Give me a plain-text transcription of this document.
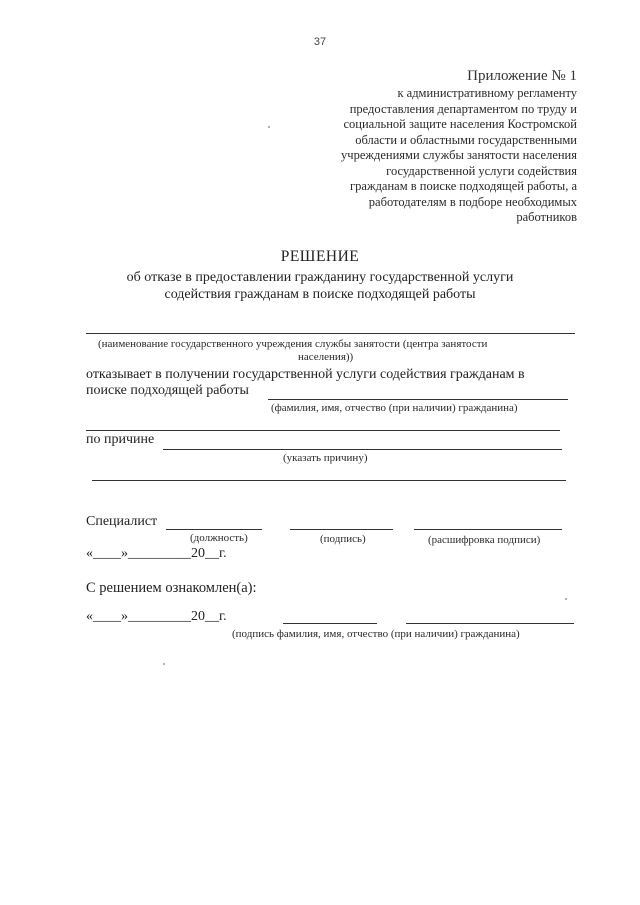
37
Приложение № 1
к административному регламенту
предоставления департаментом по труду и
социальной защите населения Костромской
области и областными государственными
учреждениями службы занятости населения
государственной услуги содействия
гражданам в поиске подходящей работы, а
работодателям в подборе необходимых
работников
РЕШЕНИЕ
об отказе в предоставлении гражданину государственной услуги
содействия гражданам в поиске подходящей работы
(наименование государственного учреждения службы занятости (центра занятости
населения))
отказывает в получении государственной услуги содействия гражданам в
поиске подходящей работы
(фамилия, имя, отчество (при наличии) гражданина)
по причине
(указать причину)
Специалист
(должность)	(подпись)	(расшифровка подписи)
«____»_________20__г.
С решением ознакомлен(а):
«____»_________20__г.
(подпись фамилия, имя, отчество (при наличии) гражданина)
